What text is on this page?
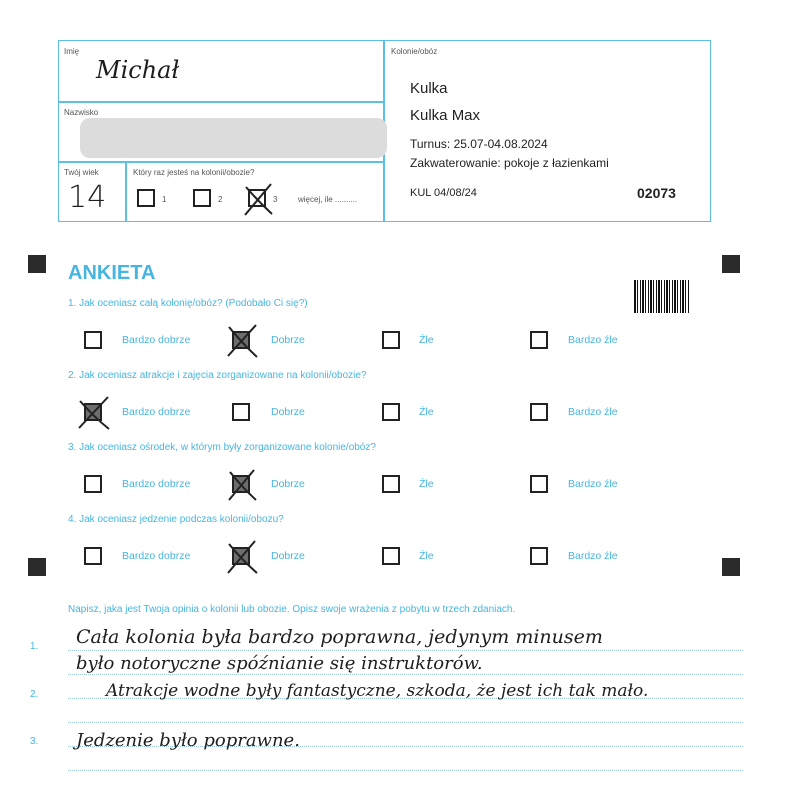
Imię
Michał
Nazwisko
Twój wiek
14
Który raz jesteś na kolonii/obozie?
1	2	3	więcej, ile ..........
Kolonie/obóz
Kulka
Kulka Max
Turnus: 25.07-04.08.2024
Zakwaterowanie: pokoje z łazienkami
KUL 04/08/24	02073
ANKIETA
1. Jak oceniasz całą kolonię/obóz? (Podobało Ci się?)
Bardzo dobrze	Dobrze	Źle	Bardzo źle
2. Jak oceniasz atrakcje i zajęcia zorganizowane na kolonii/obozie?
Bardzo dobrze	Dobrze	Źle	Bardzo źle
3. Jak oceniasz ośrodek, w którym były zorganizowane kolonie/obóz?
Bardzo dobrze	Dobrze	Źle	Bardzo źle
4. Jak oceniasz jedzenie podczas kolonii/obozu?
Bardzo dobrze	Dobrze	Źle	Bardzo źle
Napisz, jaka jest Twoja opinia o kolonii lub obozie. Opisz swoje wrażenia z pobytu w trzech zdaniach.
1.
2.
3.
Cała kolonia była bardzo poprawna, jedynym minusem
było notoryczne spóźnianie się instruktorów.
Atrakcje wodne były fantastyczne, szkoda, że jest ich tak mało.
Jedzenie było poprawne.
